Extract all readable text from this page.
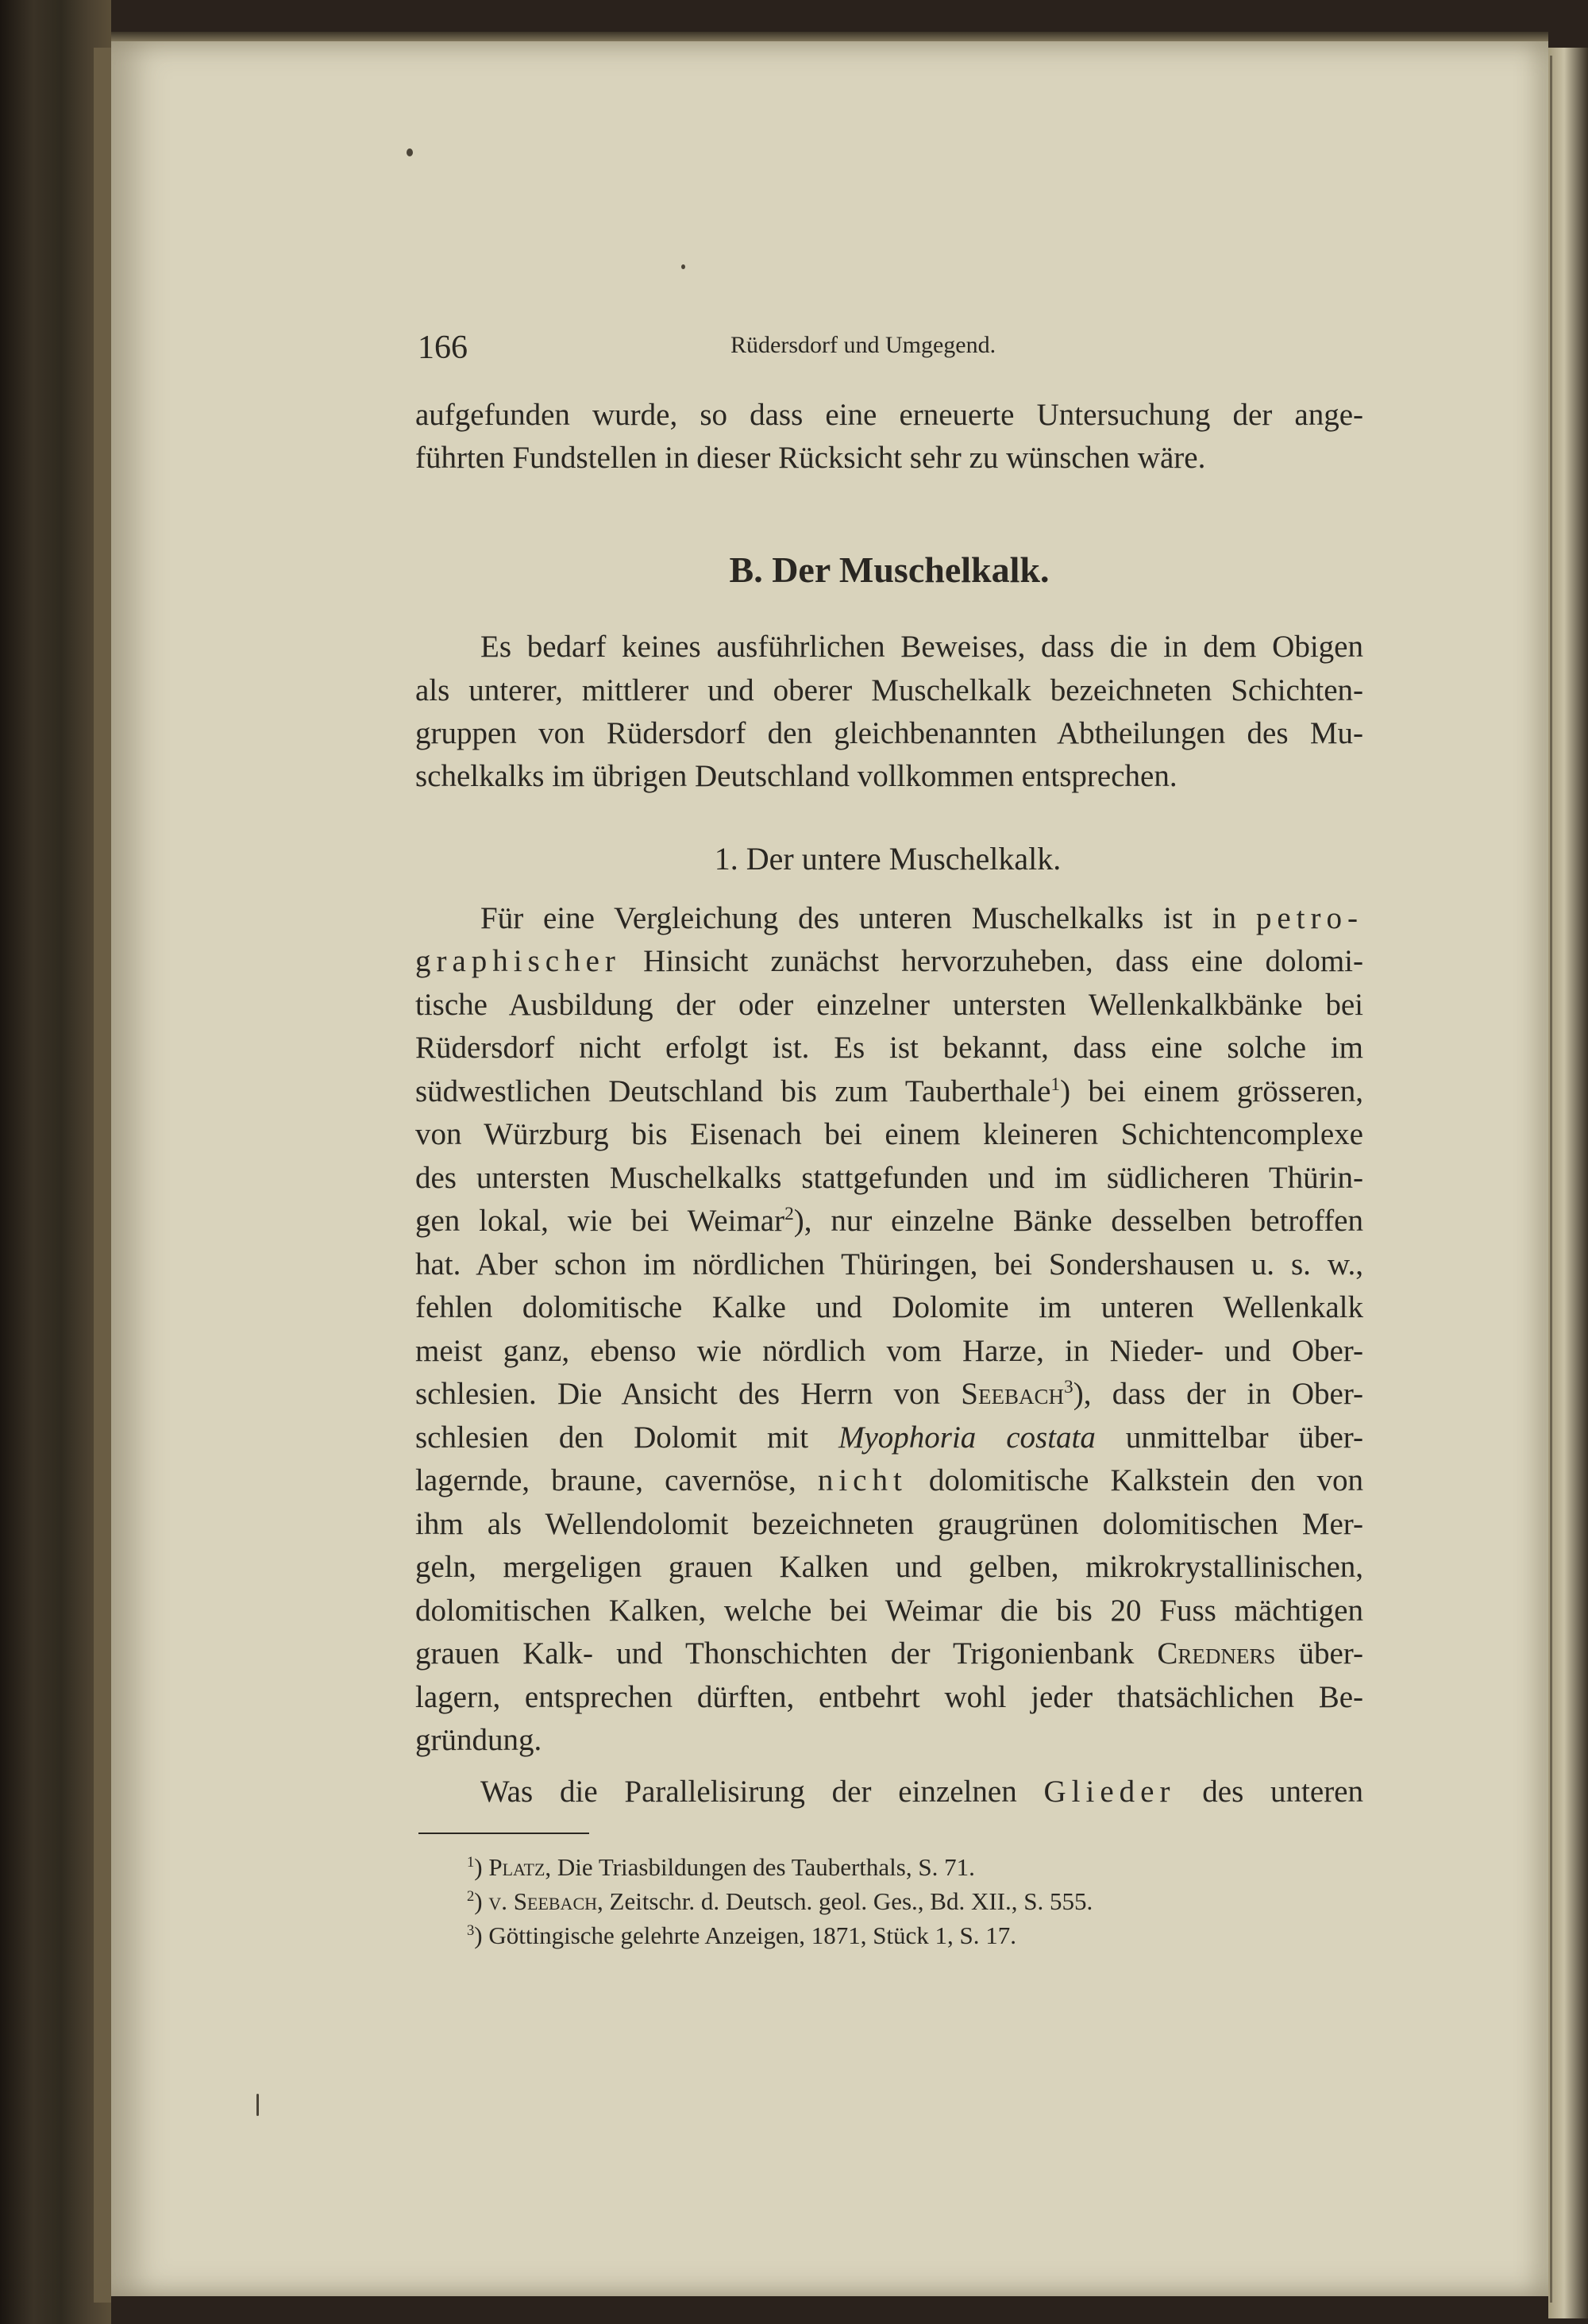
166	Rüdersdorf und Umgegend.
aufgefunden wurde, so dass eine erneuerte Untersuchung der ange-
führten Fundstellen in dieser Rücksicht sehr zu wünschen wäre.
B. Der Muschelkalk.
Es bedarf keines ausführlichen Beweises, dass die in dem Obigen
als unterer, mittlerer und oberer Muschelkalk bezeichneten Schichten-
gruppen von Rüdersdorf den gleichbenannten Abtheilungen des Mu-
schelkalks im übrigen Deutschland vollkommen entsprechen.
1. Der untere Muschelkalk.
Für eine Vergleichung des unteren Muschelkalks ist in petro-
graphischer Hinsicht zunächst hervorzuheben, dass eine dolomi-
tische Ausbildung der oder einzelner untersten Wellenkalkbänke bei
Rüdersdorf nicht erfolgt ist. Es ist bekannt, dass eine solche im
südwestlichen Deutschland bis zum Tauberthale$^1$) bei einem grösseren,
von Würzburg bis Eisenach bei einem kleineren Schichtencomplexe
des untersten Muschelkalks stattgefunden und im südlicheren Thürin-
gen lokal, wie bei Weimar$^2$), nur einzelne Bänke desselben betroffen
hat. Aber schon im nördlichen Thüringen, bei Sondershausen u. s. w.,
fehlen dolomitische Kalke und Dolomite im unteren Wellenkalk
meist ganz, ebenso wie nördlich vom Harze, in Nieder- und Ober-
schlesien. Die Ansicht des Herrn von Seebach$^3$), dass der in Ober-
schlesien den Dolomit mit Myophoria costata unmittelbar über-
lagernde, braune, cavernöse, nicht dolomitische Kalkstein den von
ihm als Wellendolomit bezeichneten graugrünen dolomitischen Mer-
geln, mergeligen grauen Kalken und gelben, mikrokrystallinischen,
dolomitischen Kalken, welche bei Weimar die bis 20 Fuss mächtigen
grauen Kalk- und Thonschichten der Trigonienbank Credners über-
lagern, entsprechen dürften, entbehrt wohl jeder thatsächlichen Be-
gründung.
Was die Parallelisirung der einzelnen Glieder des unteren
$^1$) Platz, Die Triasbildungen des Tauberthals, S. 71.
$^2$) v. Seebach, Zeitschr. d. Deutsch. geol. Ges., Bd. XII., S. 555.
$^3$) Göttingische gelehrte Anzeigen, 1871, Stück 1, S. 17.
